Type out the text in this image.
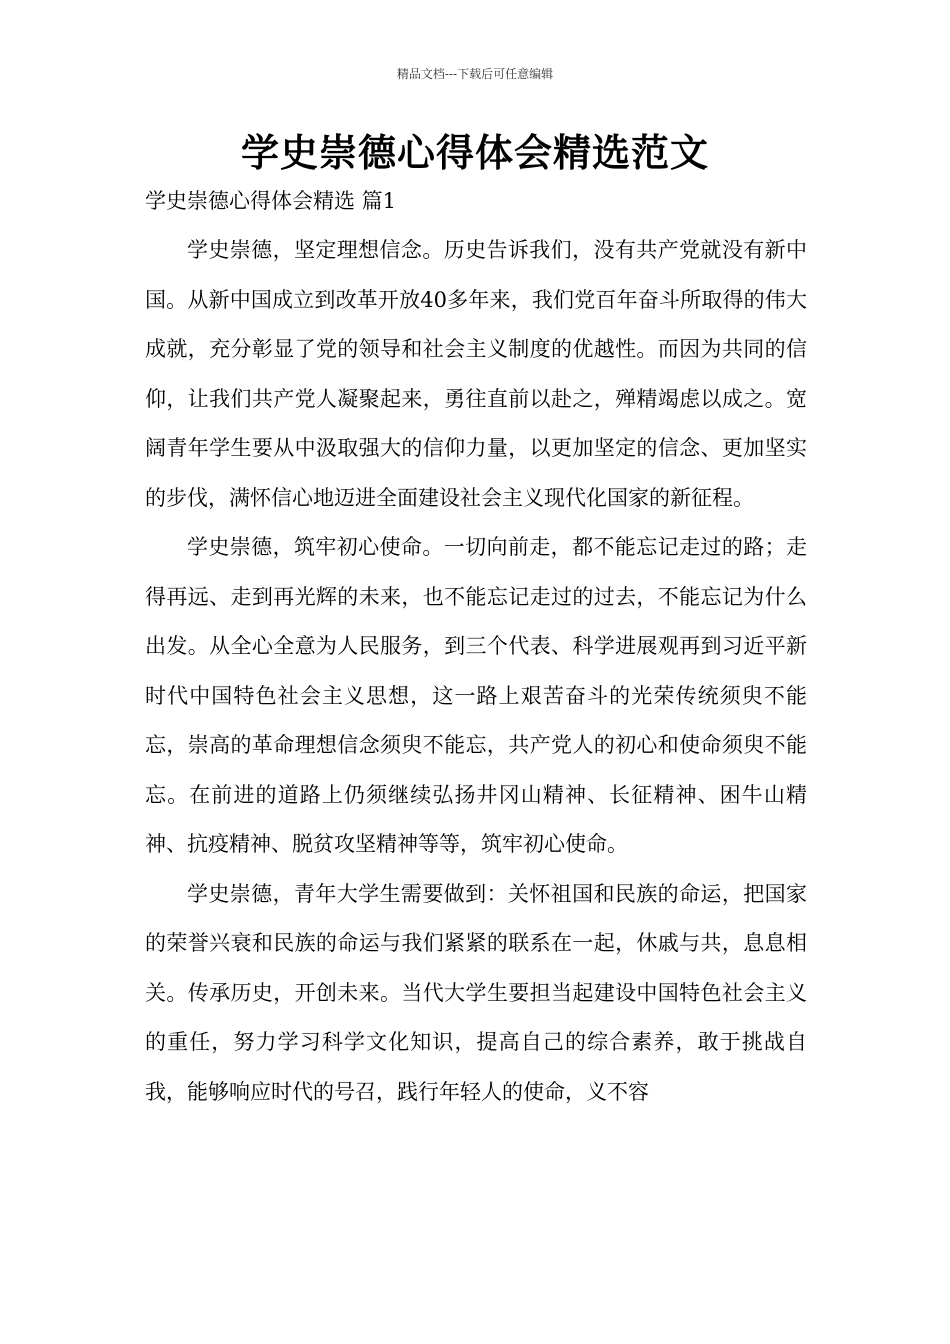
精品文档---下载后可任意编辑
学史崇德心得体会精选范文
学史崇德心得体会精选 篇1

学史崇德，坚定理想信念。历史告诉我们，没有共产党就没有新中国。从新中国成立到改革开放40多年来，我们党百年奋斗所取得的伟大成就，充分彰显了党的领导和社会主义制度的优越性。而因为共同的信仰，让我们共产党人凝聚起来，勇往直前以赴之，殚精竭虑以成之。宽阔青年学生要从中汲取强大的信仰力量，以更加坚定的信念、更加坚实的步伐，满怀信心地迈进全面建设社会主义现代化国家的新征程。

学史崇德，筑牢初心使命。一切向前走，都不能忘记走过的路；走得再远、走到再光辉的未来，也不能忘记走过的过去，不能忘记为什么出发。从全心全意为人民服务，到三个代表、科学进展观再到习近平新时代中国特色社会主义思想，这一路上艰苦奋斗的光荣传统须臾不能忘，崇高的革命理想信念须臾不能忘，共产党人的初心和使命须臾不能忘。在前进的道路上仍须继续弘扬井冈山精神、长征精神、困牛山精神、抗疫精神、脱贫攻坚精神等等，筑牢初心使命。

学史崇德，青年大学生需要做到：关怀祖国和民族的命运，把国家的荣誉兴衰和民族的命运与我们紧紧的联系在一起，休戚与共，息息相关。传承历史，开创未来。当代大学生要担当起建设中国特色社会主义的重任，努力学习科学文化知识，提高自己的综合素养，敢于挑战自我，能够响应时代的号召，践行年轻人的使命，义不容
